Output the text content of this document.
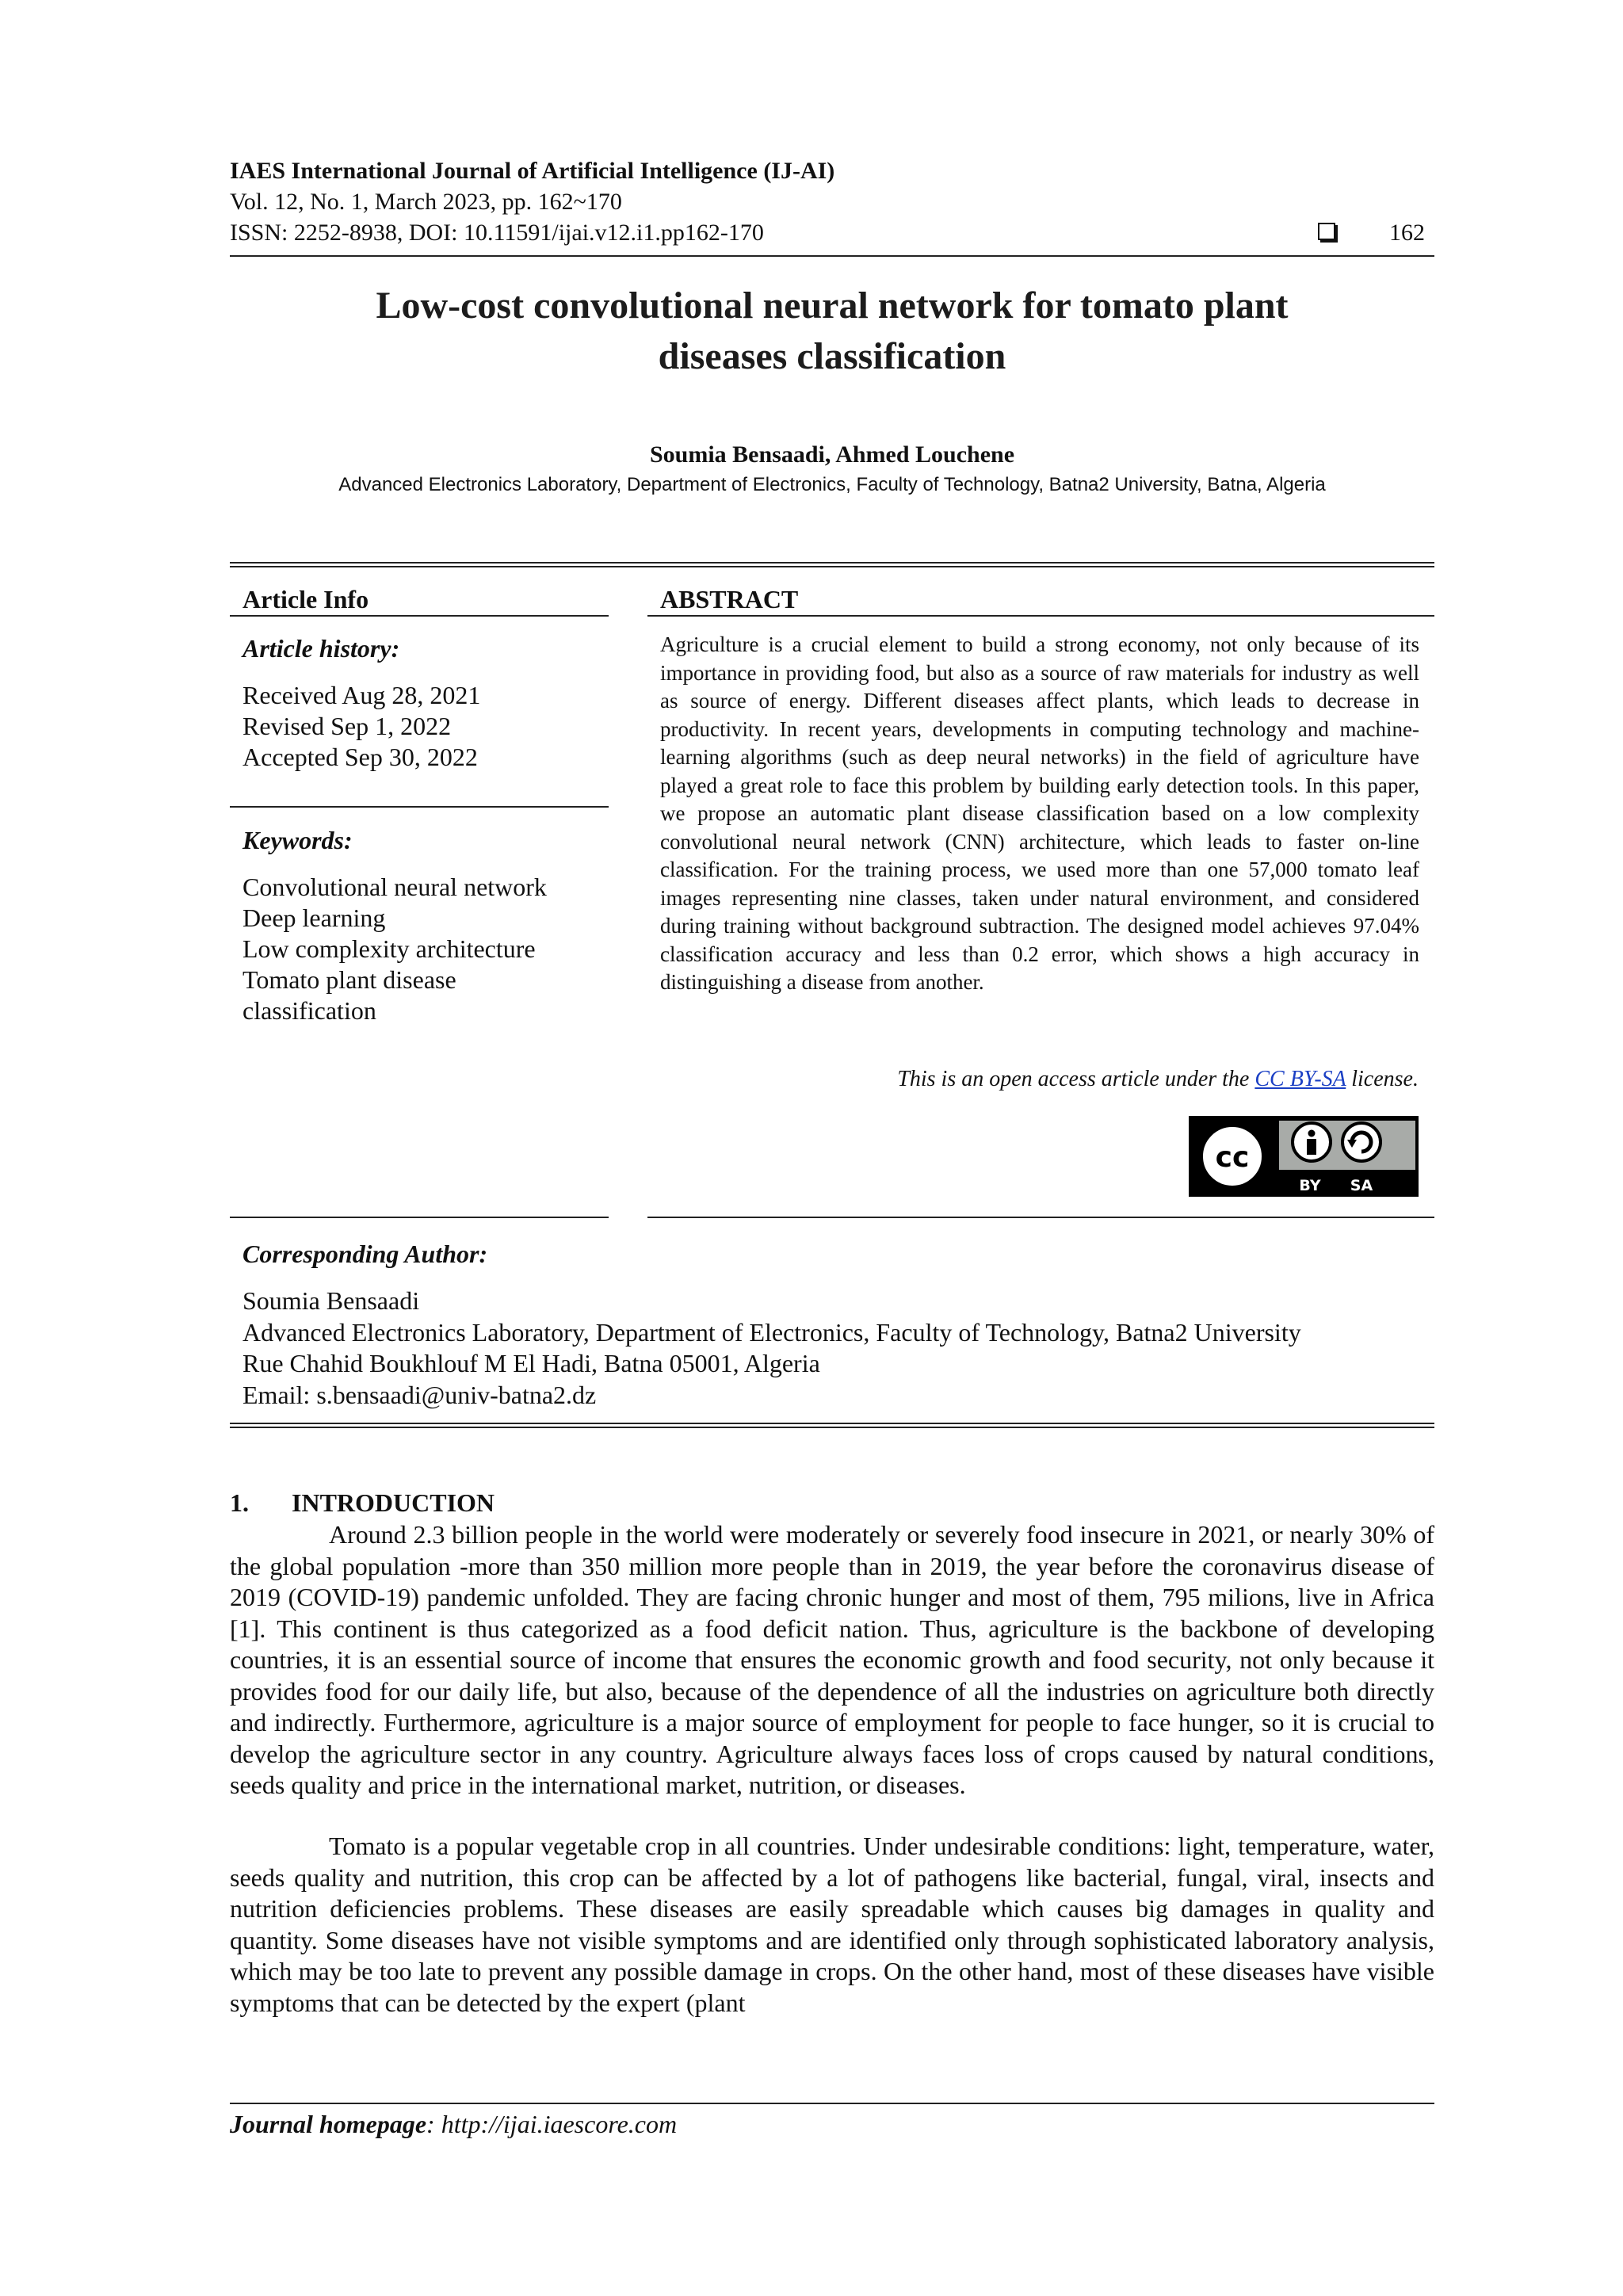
IAES International Journal of Artificial Intelligence (IJ-AI)
Vol. 12, No. 1, March 2023, pp. 162~170
ISSN: 2252-8938, DOI: 10.11591/ijai.v12.i1.pp162-170	162
Low-cost convolutional neural network for tomato plant
diseases classification
Soumia Bensaadi, Ahmed Louchene
Advanced Electronics Laboratory, Department of Electronics, Faculty of Technology, Batna2 University, Batna, Algeria
Article Info
Article history:
Received Aug 28, 2021
Revised Sep 1, 2022
Accepted Sep 30, 2022
Keywords:
Convolutional neural network
Deep learning
Low complexity architecture
Tomato plant disease
classification
ABSTRACT
Agriculture is a crucial element to build a strong economy, not only because of its importance in providing food, but also as a source of raw materials for industry as well as source of energy. Different diseases affect plants, which leads to decrease in productivity. In recent years, developments in computing technology and machine-learning algorithms (such as deep neural networks) in the field of agriculture have played a great role to face this problem by building early detection tools. In this paper, we propose an automatic plant disease classification based on a low complexity convolutional neural network (CNN) architecture, which leads to faster on-line classification. For the training process, we used more than one 57,000 tomato leaf images representing nine classes, taken under natural environment, and considered during training without background subtraction. The designed model achieves 97.04% classification accuracy and less than 0.2 error, which shows a high accuracy in distinguishing a disease from another.
This is an open access article under the CC BY-SA license.
cc
BY SA
Corresponding Author:
Soumia Bensaadi
Advanced Electronics Laboratory, Department of Electronics, Faculty of Technology, Batna2 University
Rue Chahid Boukhlouf M El Hadi, Batna 05001, Algeria
Email: s.bensaadi@univ-batna2.dz
1. INTRODUCTION
Around 2.3 billion people in the world were moderately or severely food insecure in 2021, or nearly 30% of the global population -more than 350 million more people than in 2019, the year before the coronavirus disease of 2019 (COVID-19) pandemic unfolded. They are facing chronic hunger and most of them, 795 milions, live in Africa [1]. This continent is thus categorized as a food deficit nation. Thus, agriculture is the backbone of developing countries, it is an essential source of income that ensures the economic growth and food security, not only because it provides food for our daily life, but also, because of the dependence of all the industries on agriculture both directly and indirectly. Furthermore, agriculture is a major source of employment for people to face hunger, so it is crucial to develop the agriculture sector in any country. Agriculture always faces loss of crops caused by natural conditions, seeds quality and price in the international market, nutrition, or diseases.
Tomato is a popular vegetable crop in all countries. Under undesirable conditions: light, temperature, water, seeds quality and nutrition, this crop can be affected by a lot of pathogens like bacterial, fungal, viral, insects and nutrition deficiencies problems. These diseases are easily spreadable which causes big damages in quality and quantity. Some diseases have not visible symptoms and are identified only through sophisticated laboratory analysis, which may be too late to prevent any possible damage in crops. On the other hand, most of these diseases have visible symptoms that can be detected by the expert (plant
Journal homepage: http://ijai.iaescore.com
